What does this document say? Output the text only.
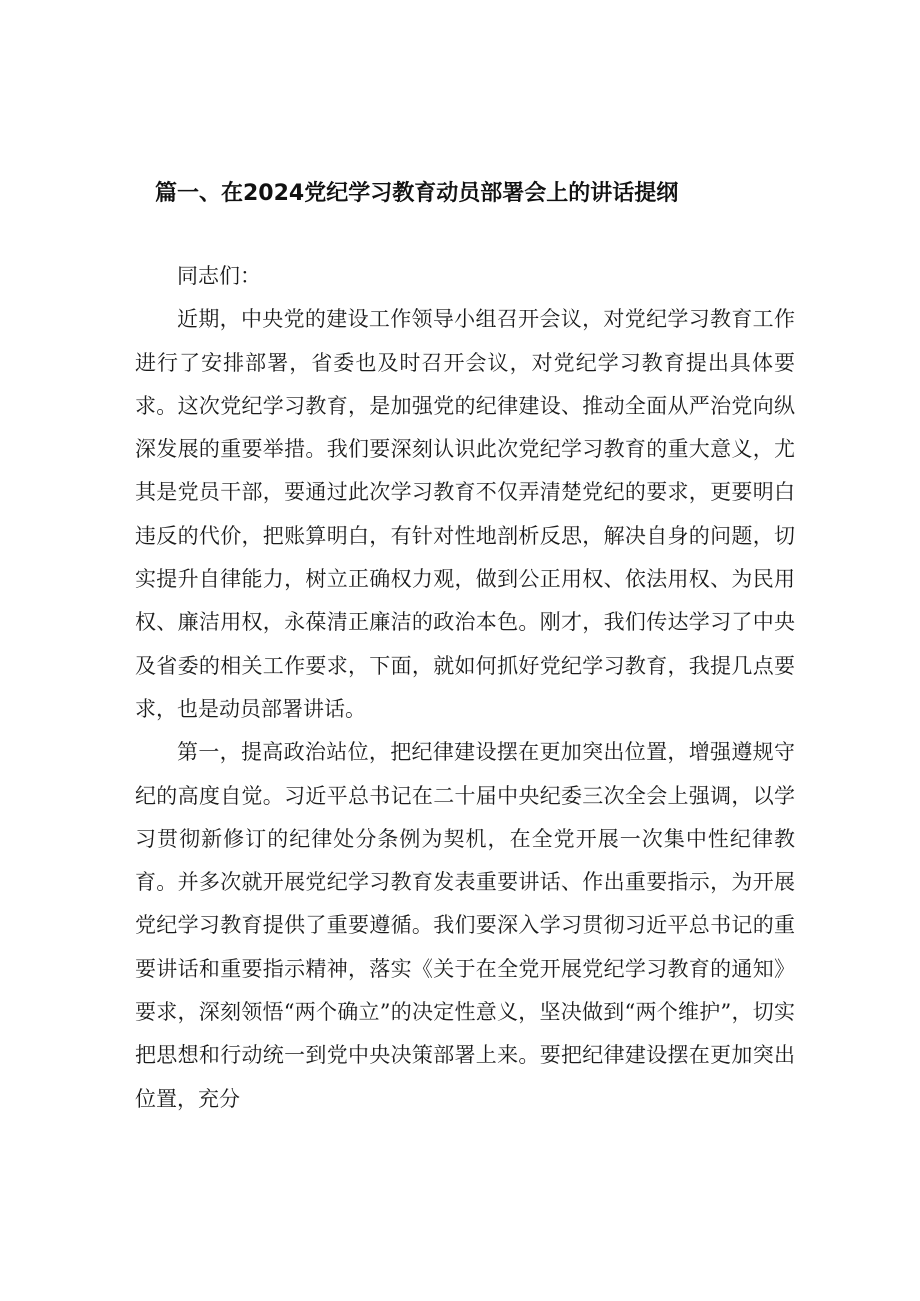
篇一、在2024党纪学习教育动员部署会上的讲话提纲

同志们：

近期，中央党的建设工作领导小组召开会议，对党纪学习教育工作进行了安排部署，省委也及时召开会议，对党纪学习教育提出具体要求。这次党纪学习教育，是加强党的纪律建设、推动全面从严治党向纵深发展的重要举措。我们要深刻认识此次党纪学习教育的重大意义，尤其是党员干部，要通过此次学习教育不仅弄清楚党纪的要求，更要明白违反的代价，把账算明白，有针对性地剖析反思，解决自身的问题，切实提升自律能力，树立正确权力观，做到公正用权、依法用权、为民用权、廉洁用权，永葆清正廉洁的政治本色。刚才，我们传达学习了中央及省委的相关工作要求，下面，就如何抓好党纪学习教育，我提几点要求，也是动员部署讲话。

第一，提高政治站位，把纪律建设摆在更加突出位置，增强遵规守纪的高度自觉。习近平总书记在二十届中央纪委三次全会上强调，以学习贯彻新修订的纪律处分条例为契机，在全党开展一次集中性纪律教育。并多次就开展党纪学习教育发表重要讲话、作出重要指示，为开展党纪学习教育提供了重要遵循。我们要深入学习贯彻习近平总书记的重要讲话和重要指示精神，落实《关于在全党开展党纪学习教育的通知》要求，深刻领悟“两个确立”的决定性意义，坚决做到“两个维护”，切实把思想和行动统一到党中央决策部署上来。要把纪律建设摆在更加突出位置，充分
